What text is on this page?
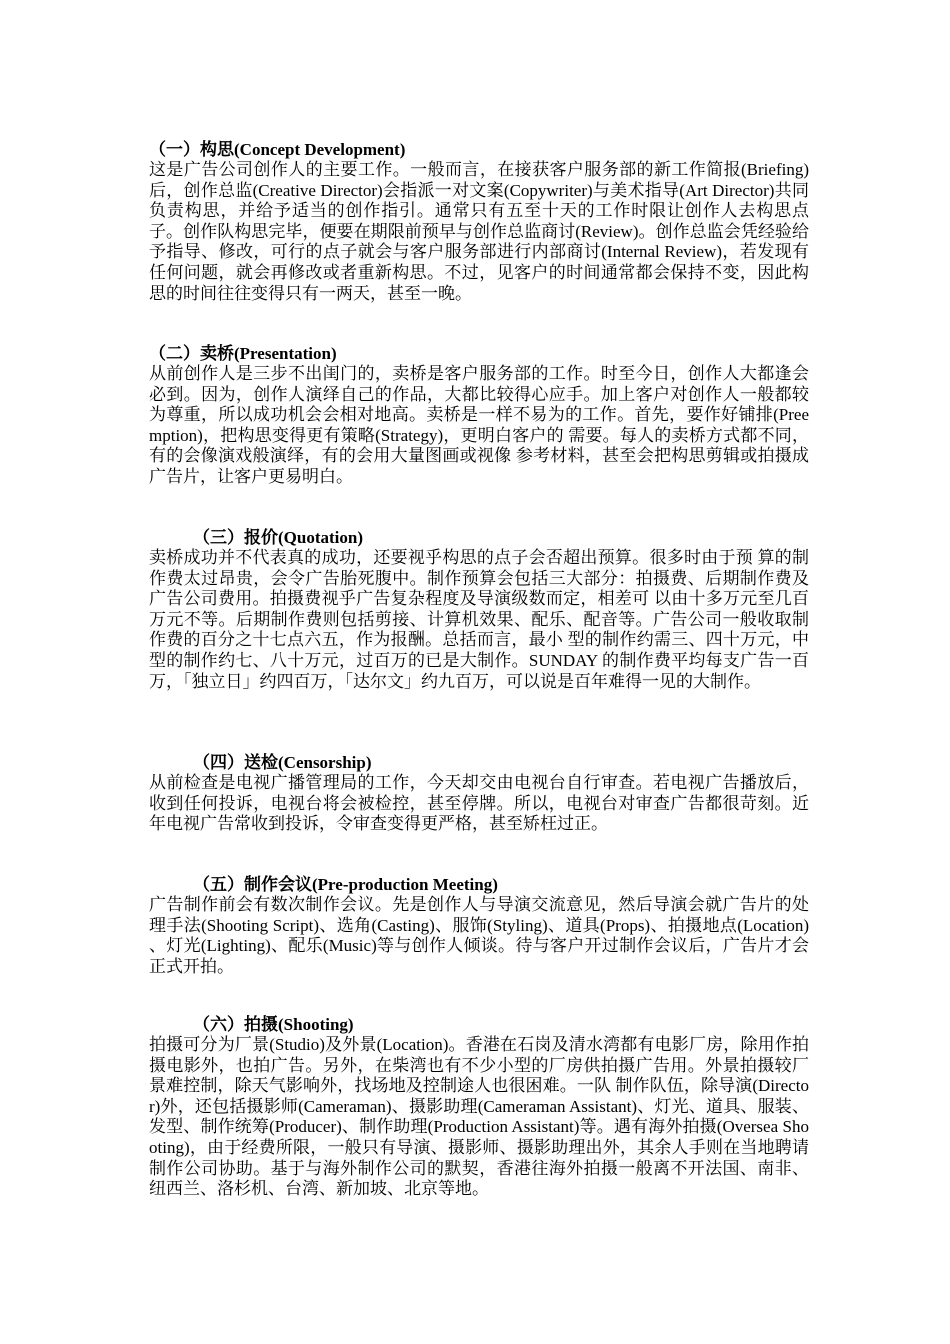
（一）构思(Concept Development)
这是广告公司创作人的主要工作。一般而言，在接获客户服务部的新工作简报(Briefing)后，创作总监(Creative Director)会指派一对文案(Copywriter)与美术指导(Art Director)共同负责构思，并给予适当的创作指引。通常只有五至十天的工作时限让创作人去构思点子。创作队构思完毕，便要在期限前预早与创作总监商讨(Review)。创作总监会凭经验给予指导、修改，可行的点子就会与客户服务部进行内部商讨(Internal Review)，若发现有任何问题，就会再修改或者重新构思。不过，见客户的时间通常都会保持不变，因此构思的时间往往变得只有一两天，甚至一晚。
（二）卖桥(Presentation)
从前创作人是三步不出闺门的，卖桥是客户服务部的工作。时至今日，创作人大都逢会必到。因为，创作人演绎自己的作品，大都比较得心应手。加上客户对创作人一般都较为尊重，所以成功机会会相对地高。卖桥是一样不易为的工作。首先，要作好铺排(Preemption)，把构思变得更有策略(Strategy)，更明白客户的 需要。每人的卖桥方式都不同，有的会像演戏般演绎，有的会用大量图画或视像 参考材料，甚至会把构思剪辑或拍摄成广告片，让客户更易明白。
（三）报价(Quotation)
卖桥成功并不代表真的成功，还要视乎构思的点子会否超出预算。很多时由于预 算的制作费太过昂贵，会令广告胎死腹中。制作预算会包括三大部分：拍摄费、后期制作费及广告公司费用。拍摄费视乎广告复杂程度及导演级数而定，相差可 以由十多万元至几百万元不等。后期制作费则包括剪接、计算机效果、配乐、配音等。广告公司一般收取制作费的百分之十七点六五，作为报酬。总括而言，最小 型的制作约需三、四十万元，中型的制作约七、八十万元，过百万的已是大制作。SUNDAY 的制作费平均每支广告一百万，「独立日」约四百万，「达尔文」约九百万，可以说是百年难得一见的大制作。
（四）送检(Censorship)
从前检查是电视广播管理局的工作，今天却交由电视台自行审查。若电视广告播放后，收到任何投诉，电视台将会被检控，甚至停牌。所以，电视台对审查广告都很苛刻。近年电视广告常收到投诉，令审查变得更严格，甚至矫枉过正。
（五）制作会议(Pre-production Meeting)
广告制作前会有数次制作会议。先是创作人与导演交流意见，然后导演会就广告片的处理手法(Shooting Script)、选角(Casting)、服饰(Styling)、道具(Props)、拍摄地点(Location) 、灯光(Lighting)、配乐(Music)等与创作人倾谈。待与客户开过制作会议后，广告片才会正式开拍。
（六）拍摄(Shooting)
拍摄可分为厂景(Studio)及外景(Location)。香港在石岗及清水湾都有电影厂房，除用作拍摄电影外，也拍广告。另外，在柴湾也有不少小型的厂房供拍摄广告用。外景拍摄较厂景难控制，除天气影响外，找场地及控制途人也很困难。一队 制作队伍，除导演(Director)外，还包括摄影师(Cameraman)、摄影助理(Cameraman Assistant)、灯光、道具、服装、发型、制作统筹(Producer)、制作助理(Production Assistant)等。遇有海外拍摄(Oversea Shooting)，由于经费所限，一般只有导演、摄影师、摄影助理出外，其余人手则在当地聘请制作公司协助。基于与海外制作公司的默契，香港往海外拍摄一般离不开法国、南非、纽西兰、洛杉机、台湾、新加坡、北京等地。
